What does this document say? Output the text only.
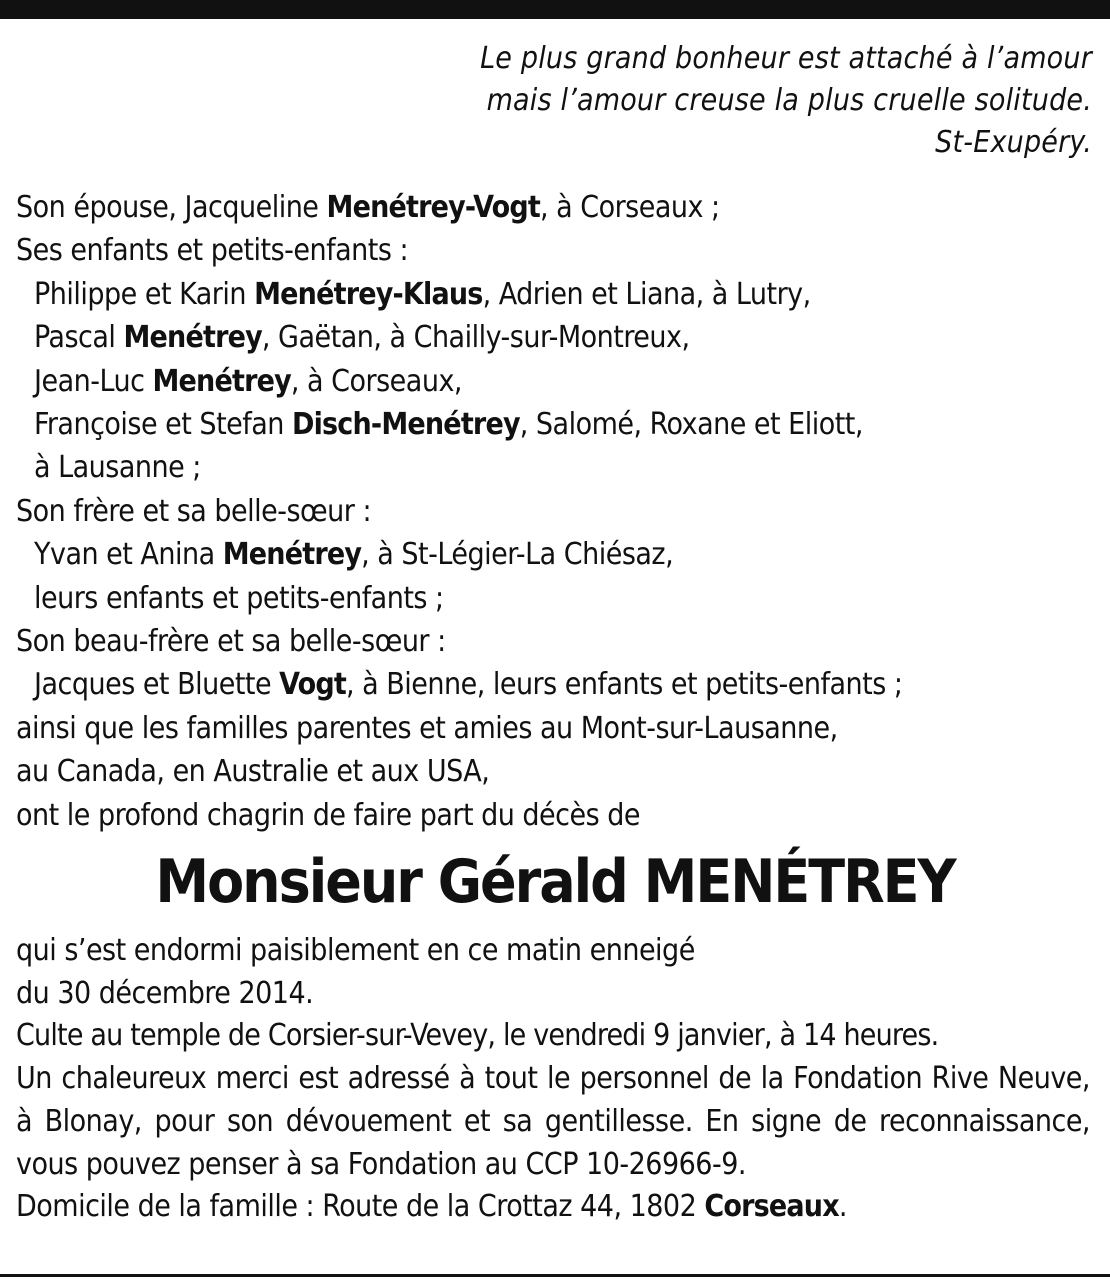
Le plus grand bonheur est attaché à l’amour
mais l’amour creuse la plus cruelle solitude.
St-Exupéry.
Son épouse, Jacqueline Menétrey-Vogt, à Corseaux ;
Ses enfants et petits-enfants :
Philippe et Karin Menétrey-Klaus, Adrien et Liana, à Lutry,
Pascal Menétrey, Gaëtan, à Chailly-sur-Montreux,
Jean-Luc Menétrey, à Corseaux,
Françoise et Stefan Disch-Menétrey, Salomé, Roxane et Eliott,
à Lausanne ;
Son frère et sa belle-sœur :
Yvan et Anina Menétrey, à St-Légier-La Chiésaz,
leurs enfants et petits-enfants ;
Son beau-frère et sa belle-sœur :
Jacques et Bluette Vogt, à Bienne, leurs enfants et petits-enfants ;
ainsi que les familles parentes et amies au Mont-sur-Lausanne,
au Canada, en Australie et aux USA,
ont le profond chagrin de faire part du décès de
Monsieur Gérald MENÉTREY
qui s’est endormi paisiblement en ce matin enneigé
du 30 décembre 2014.
Culte au temple de Corsier-sur-Vevey, le vendredi 9 janvier, à 14 heures.
Un chaleureux merci est adressé à tout le personnel de la Fondation Rive Neuve, à Blonay, pour son dévouement et sa gentillesse. En signe de reconnaissance, vous pouvez penser à sa Fondation au CCP 10-26966-9.
Domicile de la famille : Route de la Crottaz 44, 1802 Corseaux.
